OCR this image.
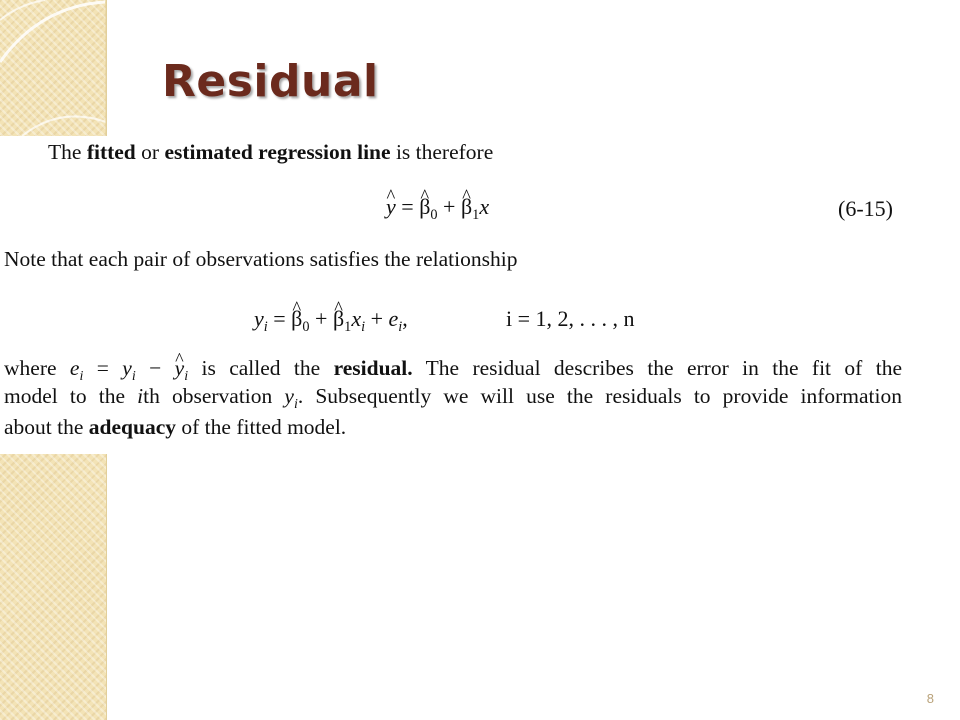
Residual
The fitted or estimated regression line is therefore
^ y = ^ $\beta_0$ + ^ $\beta_1x$	(6-15)
Note that each pair of observations satisfies the relationship
$y_i$ = ^ $\beta_0$ + ^ $\beta_1x_i + e_i$,	i = 1, 2, . . . , n
where $e_i = y_i$ − ^ $y_i$ is called the residual. The residual describes the error in the fit of the
model to the ith observation $y_i$. Subsequently we will use the residuals to provide information
about the adequacy of the fitted model.
8
